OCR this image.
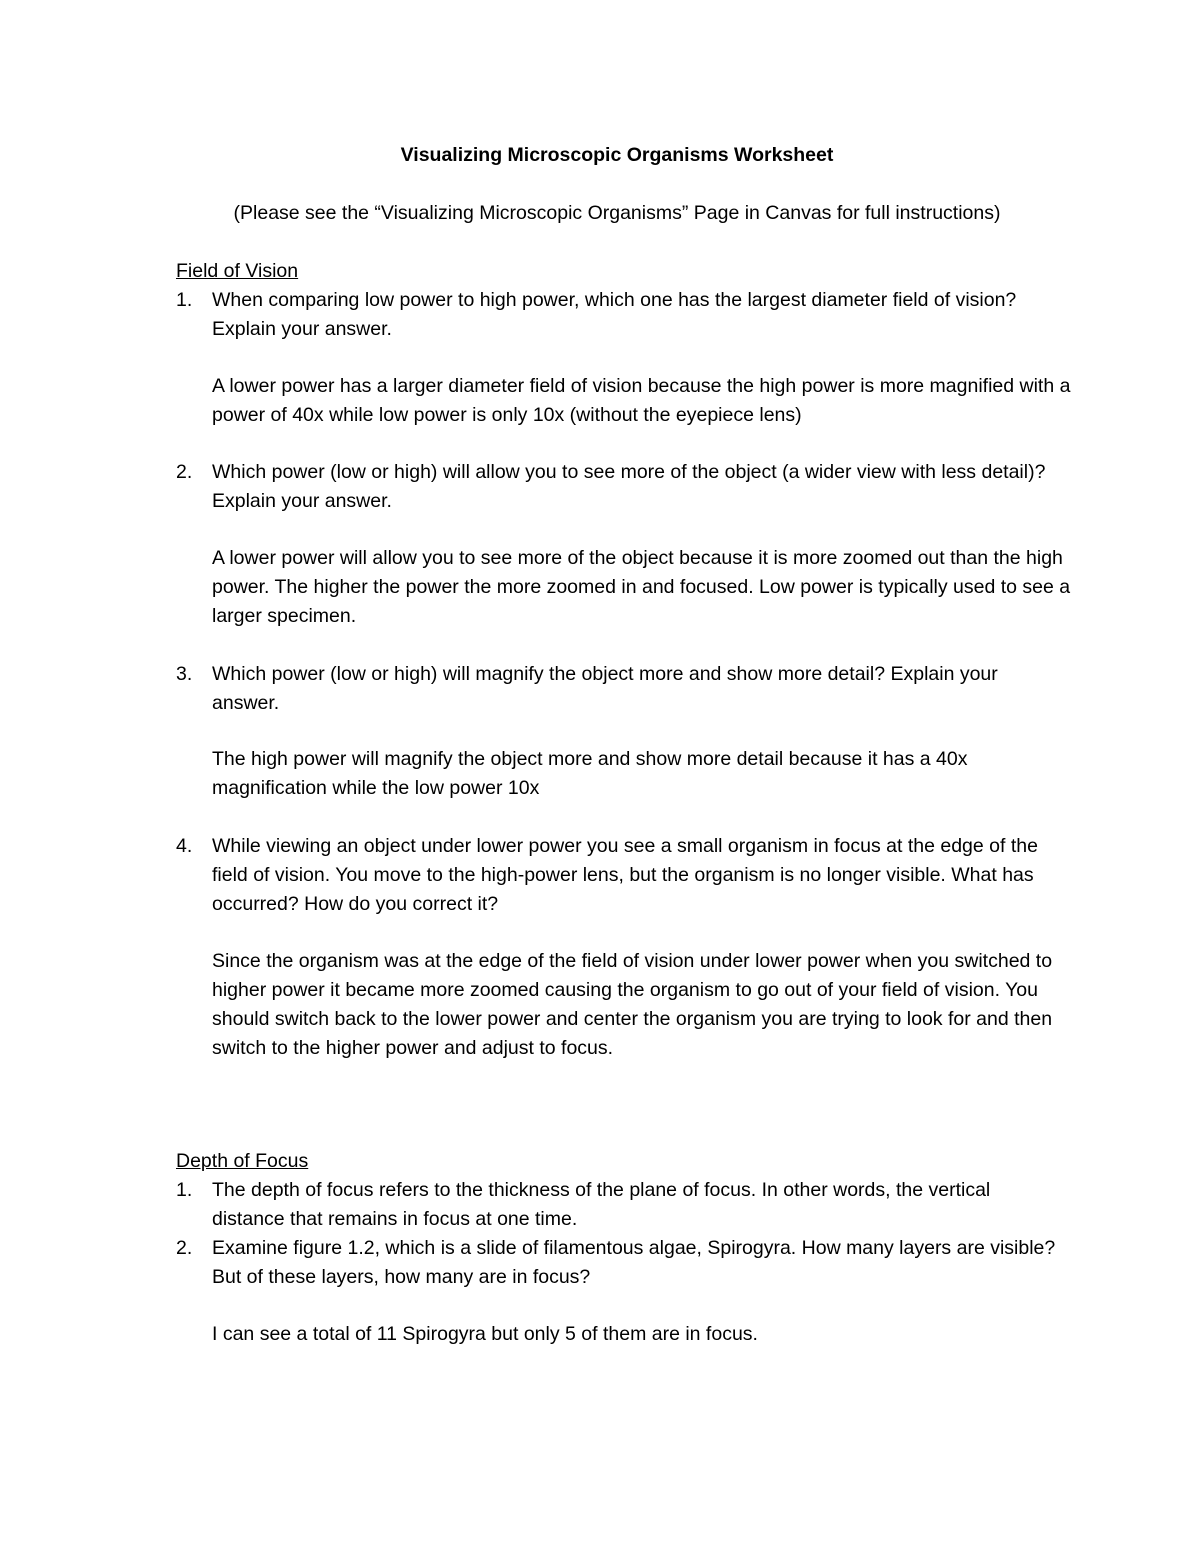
Visualizing Microscopic Organisms Worksheet
(Please see the “Visualizing Microscopic Organisms” Page in Canvas for full instructions)
Field of Vision
1.	When comparing low power to high power, which one has the largest diameter field of vision? Explain your answer.
A lower power has a larger diameter field of vision because the high power is more magnified with a power of 40x while low power is only 10x (without the eyepiece lens)
2.	Which power (low or high) will allow you to see more of the object (a wider view with less detail)? Explain your answer.
A lower power will allow you to see more of the object because it is more zoomed out than the high power. The higher the power the more zoomed in and focused. Low power is typically used to see a larger specimen.
3.	Which power (low or high) will magnify the object more and show more detail? Explain your answer.
The high power will magnify the object more and show more detail because it has a 40x magnification while the low power 10x
4.	While viewing an object under lower power you see a small organism in focus at the edge of the field of vision. You move to the high-power lens, but the organism is no longer visible. What has occurred? How do you correct it?
Since the organism was at the edge of the field of vision under lower power when you switched to higher power it became more zoomed causing the organism to go out of your field of vision. You should switch back to the lower power and center the organism you are trying to look for and then switch to the higher power and adjust to focus.
Depth of Focus
1.	The depth of focus refers to the thickness of the plane of focus. In other words, the vertical distance that remains in focus at one time.
2.	Examine figure 1.2, which is a slide of filamentous algae, Spirogyra. How many layers are visible? But of these layers, how many are in focus?
I can see a total of 11 Spirogyra but only 5 of them are in focus.
